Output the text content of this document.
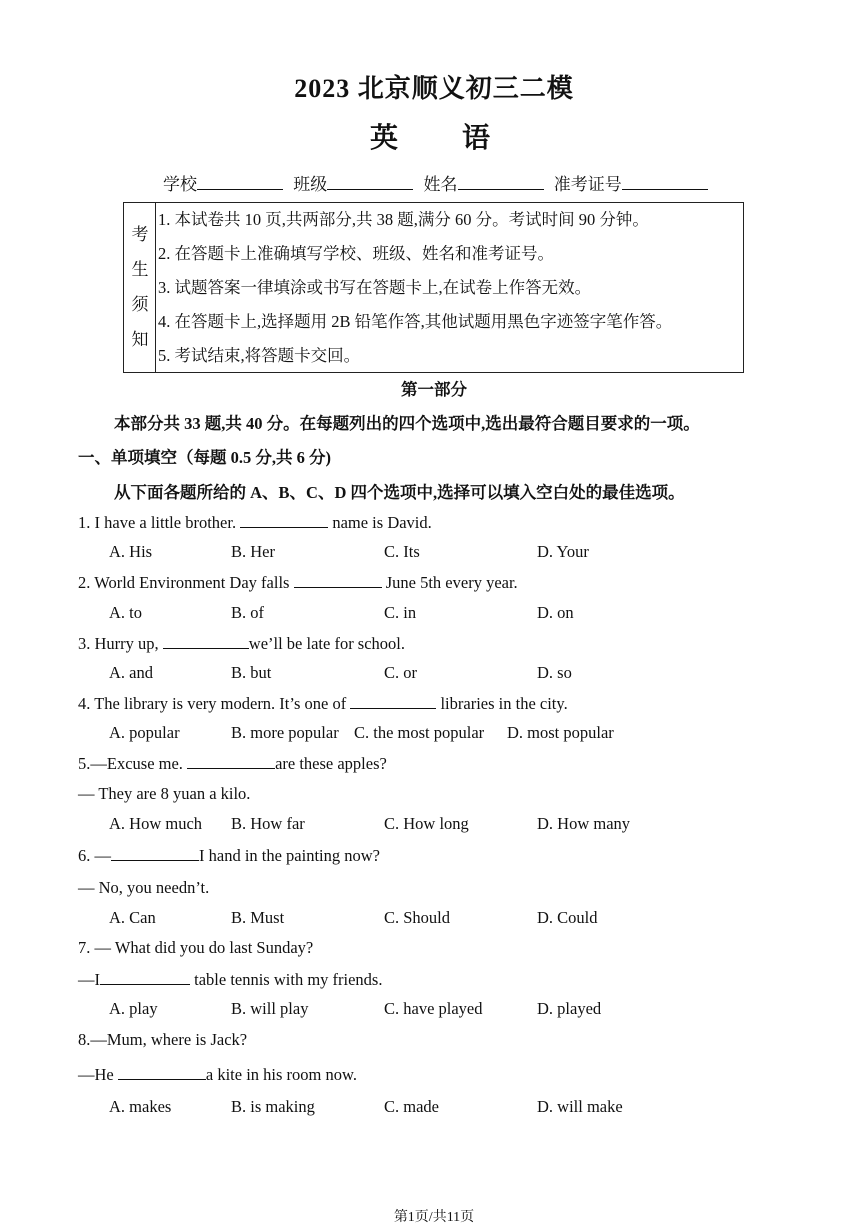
2023 北京顺义初三二模
英 语
学校	班级	姓名	准考证号
考
生
须
知
1. 本试卷共 10 页,共两部分,共 38 题,满分 60 分。考试时间 90 分钟。
2. 在答题卡上准确填写学校、班级、姓名和准考证号。
3. 试题答案一律填涂或书写在答题卡上,在试卷上作答无效。
4. 在答题卡上,选择题用 2B 铅笔作答,其他试题用黑色字迹签字笔作答。
5. 考试结束,将答题卡交回。
第一部分
本部分共 33 题,共 40 分。在每题列出的四个选项中,选出最符合题目要求的一项。
一、单项填空（每题 0.5 分,共 6 分)
从下面各题所给的 A、B、C、D 四个选项中,选择可以填入空白处的最佳选项。
1. I have a little brother.	name is David.
A. His	B. Her	C. Its	D. Your
2. World Environment Day falls	June 5th every year.
A. to	B. of	C. in	D. on
3. Hurry up,	we’ll be late for school.
A. and	B. but	C. or	D. so
4. The library is very modern. It’s one of	libraries in the city.
A. popular	B. more popular C. the most popular D. most popular
5.—Excuse me.	are these apples?
— They are 8 yuan a kilo.
A. How much B. How far	C. How long	D. How many
6. —	I hand in the painting now?
— No, you needn’t.
A. Can	B. Must	C. Should	D. Could
7. — What did you do last Sunday?
—I	table tennis with my friends.
A. play	B. will play	C. have played	D. played
8.—Mum, where is Jack?
—He	a kite in his room now.
A. makes	B. is making	C. made	D. will make
第1页/共11页
